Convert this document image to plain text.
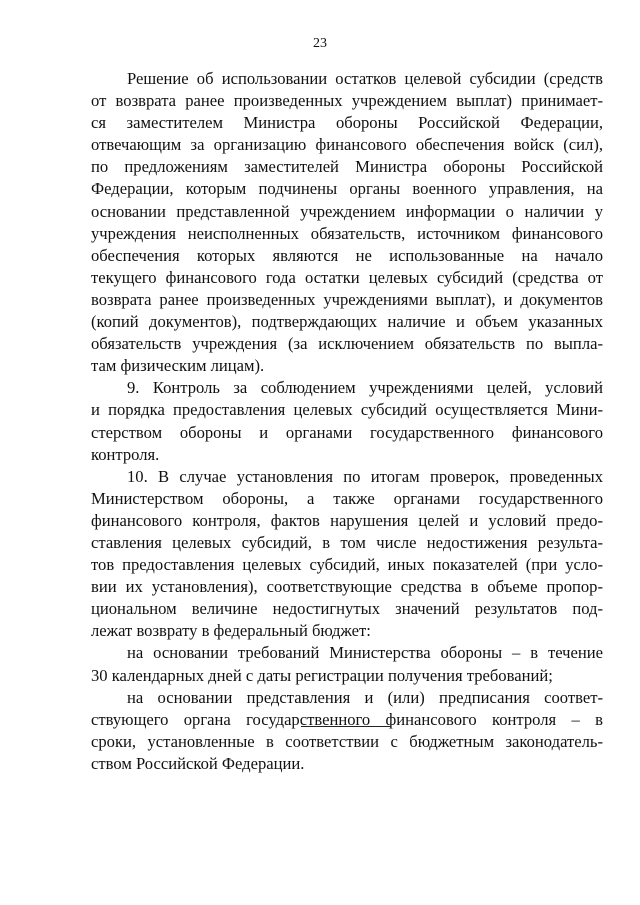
23
Решение об использовании остатков целевой субсидии (средств
от возврата ранее произведенных учреждением выплат) принимает-
ся заместителем Министра обороны Российской Федерации,
отвечающим за организацию финансового обеспечения войск (сил),
по предложениям заместителей Министра обороны Российской
Федерации, которым подчинены органы военного управления, на
основании представленной учреждением информации о наличии у
учреждения неисполненных обязательств, источником финансового
обеспечения которых являются не использованные на начало
текущего финансового года остатки целевых субсидий (средства от
возврата ранее произведенных учреждениями выплат), и документов
(копий документов), подтверждающих наличие и объем указанных
обязательств учреждения (за исключением обязательств по выпла-
там физическим лицам).
9. Контроль за соблюдением учреждениями целей, условий
и порядка предоставления целевых субсидий осуществляется Мини-
стерством обороны и органами государственного финансового
контроля.
10. В случае установления по итогам проверок, проведенных
Министерством обороны, а также органами государственного
финансового контроля, фактов нарушения целей и условий предо-
ставления целевых субсидий, в том числе недостижения результа-
тов предоставления целевых субсидий, иных показателей (при усло-
вии их установления), соответствующие средства в объеме пропор-
циональном величине недостигнутых значений результатов под-
лежат возврату в федеральный бюджет:
на основании требований Министерства обороны – в течение
30 календарных дней с даты регистрации получения требований;
на основании представления и (или) предписания соответ-
ствующего органа государственного финансового контроля – в
сроки, установленные в соответствии с бюджетным законодатель-
ством Российской Федерации.
